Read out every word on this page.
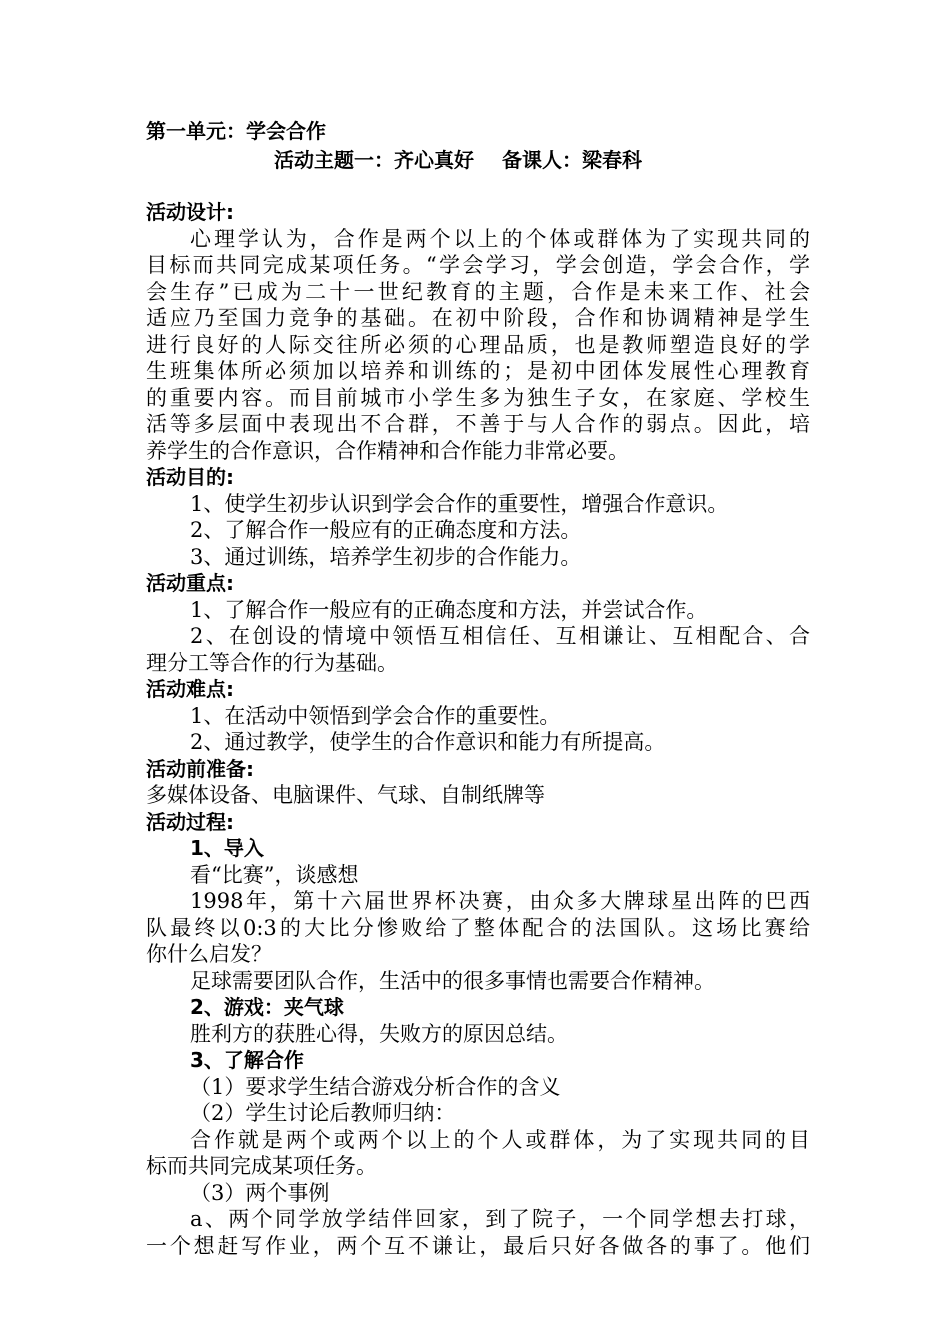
第一单元：学会合作
活动主题一：齐心真好 备课人：梁春科
活动设计:
心理学认为，合作是两个以上的个体或群体为了实现共同的
目标而共同完成某项任务。“学会学习，学会创造，学会合作，学
会生存”已成为二十一世纪教育的主题，合作是未来工作、社会
适应乃至国力竞争的基础。在初中阶段，合作和协调精神是学生
进行良好的人际交往所必须的心理品质，也是教师塑造良好的学
生班集体所必须加以培养和训练的；是初中团体发展性心理教育
的重要内容。而目前城市小学生多为独生子女，在家庭、学校生
活等多层面中表现出不合群，不善于与人合作的弱点。因此，培
养学生的合作意识，合作精神和合作能力非常必要。
活动目的:
1、使学生初步认识到学会合作的重要性，增强合作意识。
2、了解合作一般应有的正确态度和方法。
3、通过训练，培养学生初步的合作能力。
活动重点:
1、了解合作一般应有的正确态度和方法，并尝试合作。
2、在创设的情境中领悟互相信任、互相谦让、互相配合、合
理分工等合作的行为基础。
活动难点:
1、在活动中领悟到学会合作的重要性。
2、通过教学，使学生的合作意识和能力有所提高。
活动前准备:
多媒体设备、电脑课件、气球、自制纸牌等
活动过程:
1、导入
看“比赛”，谈感想
1998年，第十六届世界杯决赛，由众多大牌球星出阵的巴西
队最终以0:3的大比分惨败给了整体配合的法国队。这场比赛给
你什么启发？
足球需要团队合作，生活中的很多事情也需要合作精神。
2、游戏：夹气球
胜利方的获胜心得，失败方的原因总结。
3、了解合作
（1）要求学生结合游戏分析合作的含义
（2）学生讨论后教师归纳：
合作就是两个或两个以上的个人或群体，为了实现共同的目
标而共同完成某项任务。
（3）两个事例
a、两个同学放学结伴回家，到了院子，一个同学想去打球，
一个想赶写作业，两个互不谦让，最后只好各做各的事了。他们
